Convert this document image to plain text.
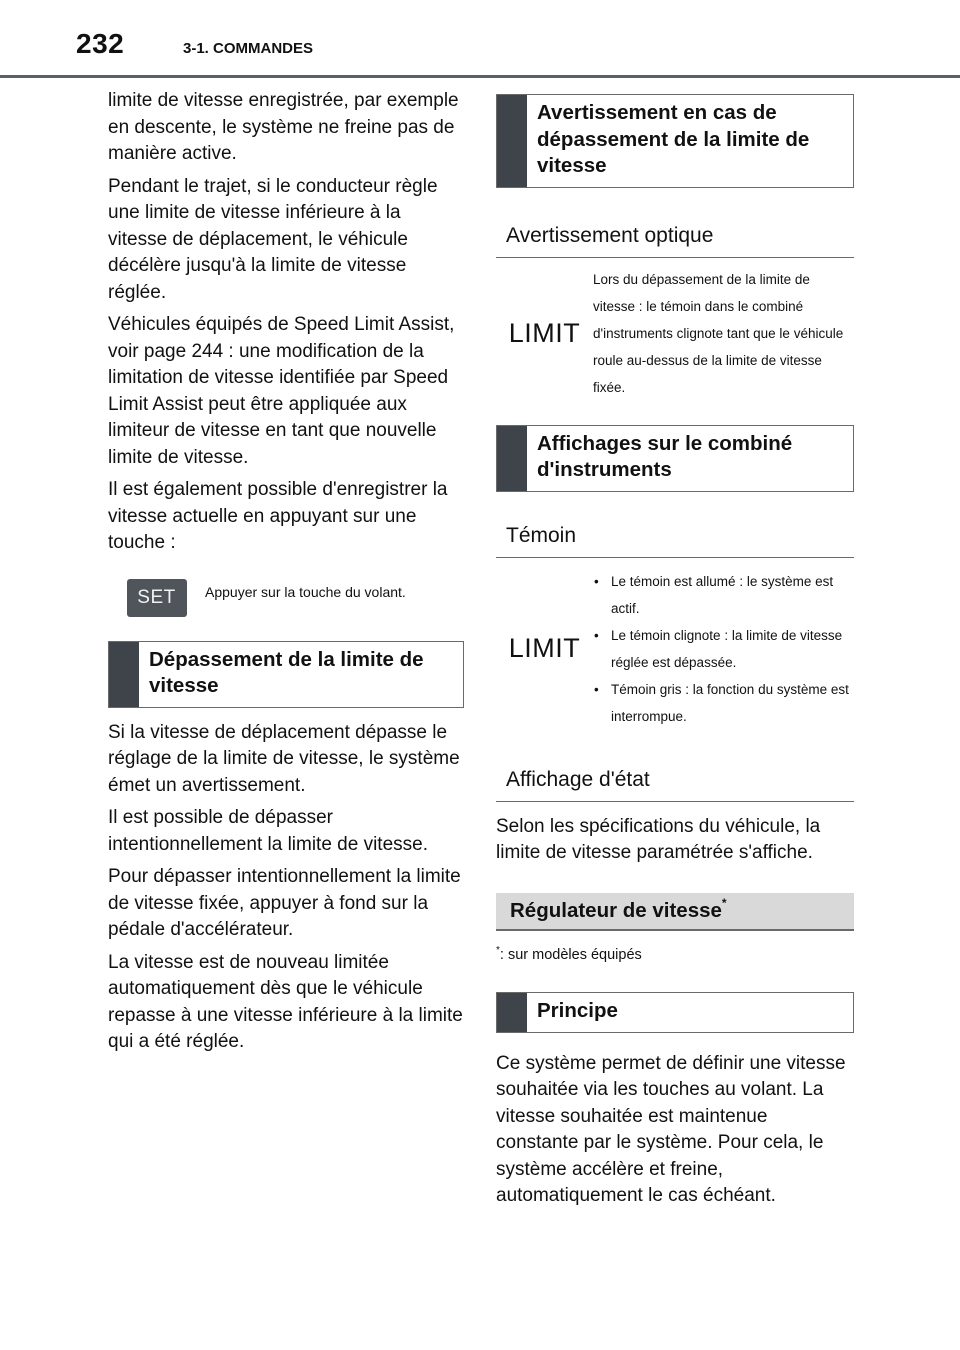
232	3-1. COMMANDES

limite de vitesse enregistrée, par exemple en descente, le système ne freine pas de manière active.

Pendant le trajet, si le conducteur règle une limite de vitesse inférieure à la vitesse de déplacement, le véhicule décélère jusqu'à la limite de vitesse réglée.

Véhicules équipés de Speed Limit Assist, voir page 244 : une modification de la limitation de vitesse identifiée par Speed Limit Assist peut être appliquée aux limiteur de vitesse en tant que nouvelle limite de vitesse.

Il est également possible d'enregistrer la vitesse actuelle en appuyant sur une touche :

SET	Appuyer sur la touche du volant.
Dépassement de la limite de vitesse

Si la vitesse de déplacement dépasse le réglage de la limite de vitesse, le système émet un avertissement.

Il est possible de dépasser intentionnellement la limite de vitesse.

Pour dépasser intentionnellement la limite de vitesse fixée, appuyer à fond sur la pédale d'accélérateur.

La vitesse est de nouveau limitée automatiquement dès que le véhicule repasse à une vitesse inférieure à la limite qui a été réglée.

Avertissement en cas de dépassement de la limite de vitesse
Avertissement optique
LIMIT
Lors du dépassement de la limite de vitesse : le témoin dans le combiné d'instruments clignote tant que le véhicule roule au-dessus de la limite de vitesse fixée.
Affichages sur le combiné d'instruments
Témoin
LIMIT
• Le témoin est allumé : le système est actif.
• Le témoin clignote : la limite de vitesse réglée est dépassée.
• Témoin gris : la fonction du système est interrompue.
Affichage d'état

Selon les spécifications du véhicule, la limite de vitesse paramétrée s'affiche.

Régulateur de vitesse*
*: sur modèles équipés
Principe

Ce système permet de définir une vitesse souhaitée via les touches au volant. La vitesse souhaitée est maintenue constante par le système. Pour cela, le système accélère et freine, automatiquement le cas échéant.
